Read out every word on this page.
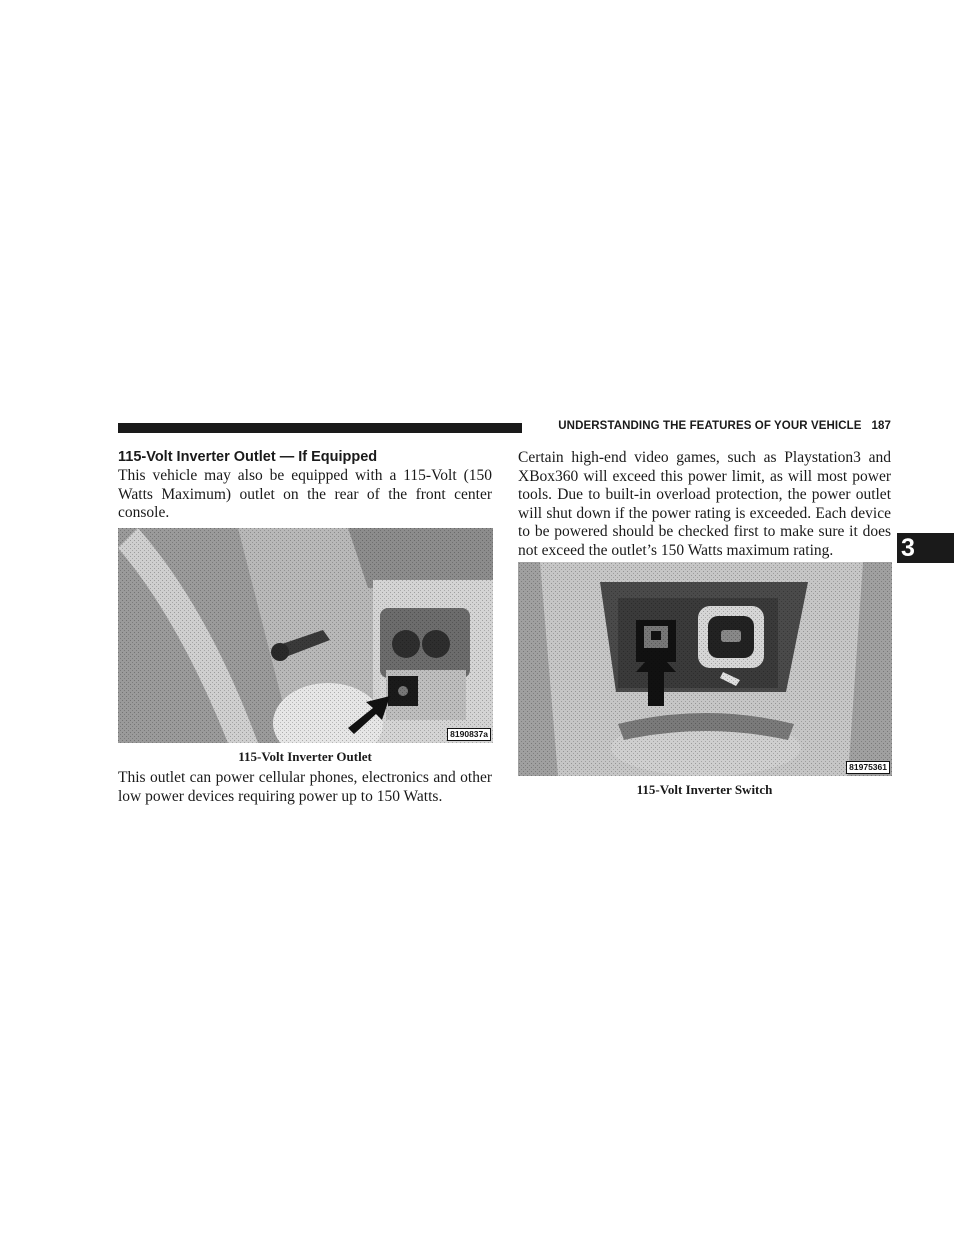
UNDERSTANDING THE FEATURES OF YOUR VEHICLE 187
3
115-Volt Inverter Outlet — If Equipped

This vehicle may also be equipped with a 115-Volt (150 Watts Maximum) outlet on the rear of the front center console.

8190837a
115-Volt Inverter Outlet

This outlet can power cellular phones, electronics and other low power devices requiring power up to 150 Watts.

Certain high-end video games, such as Playstation3 and XBox360 will exceed this power limit, as will most power tools. Due to built-in overload protection, the power outlet will shut down if the power rating is exceeded. Each device to be powered should be checked first to make sure it does not exceed the outlet’s 150 Watts maximum rating.

81975361
115-Volt Inverter Switch
